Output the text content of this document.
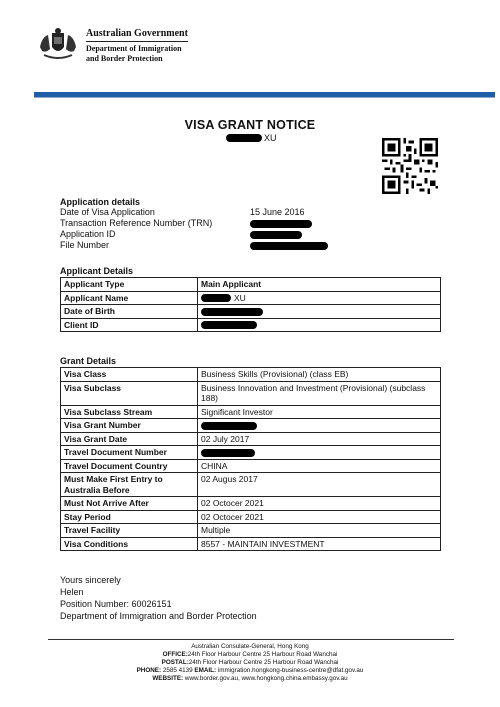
Australian Government
Department of Immigration
and Border Protection
VISA GRANT NOTICE
XU
Application details
Date of Visa Application	15 June 2016
Transaction Reference Number (TRN)
Application ID
File Number
Applicant Details
Applicant Type	Main Applicant
Applicant Name	XU
Date of Birth	
Client ID	
Grant Details
Visa Class	Business Skills (Provisional) (class EB)
Visa Subclass	Business Innovation and Investment (Provisional) (subclass 188)
Visa Subclass Stream	Significant Investor
Visa Grant Number	
Visa Grant Date	02 July 2017
Travel Document Number	
Travel Document Country	CHINA
Must Make First Entry to Australia Before	02 Augus 2017
Must Not Arrive After	02 Octocer 2021
Stay Period	02 Octocer 2021
Travel Facility	Multiple
Visa Conditions	8557 - MAINTAIN INVESTMENT
Yours sincerely
Helen
Position Number: 60026151
Department of Immigration and Border Protection
Australian Consulate-General, Hong Kong
OFFICE:24th Floor Harbour Centre 25 Harbour Road Wanchai
POSTAL:24th Floor Harbour Centre 25 Harbour Road Wanchai
PHONE: 2585 4139 EMAIL: immigration.hongkong-business-centre@dfat.gov.au
WEBSITE: www.border.gov.au, www.hongkong.china.embassy.gov.au
